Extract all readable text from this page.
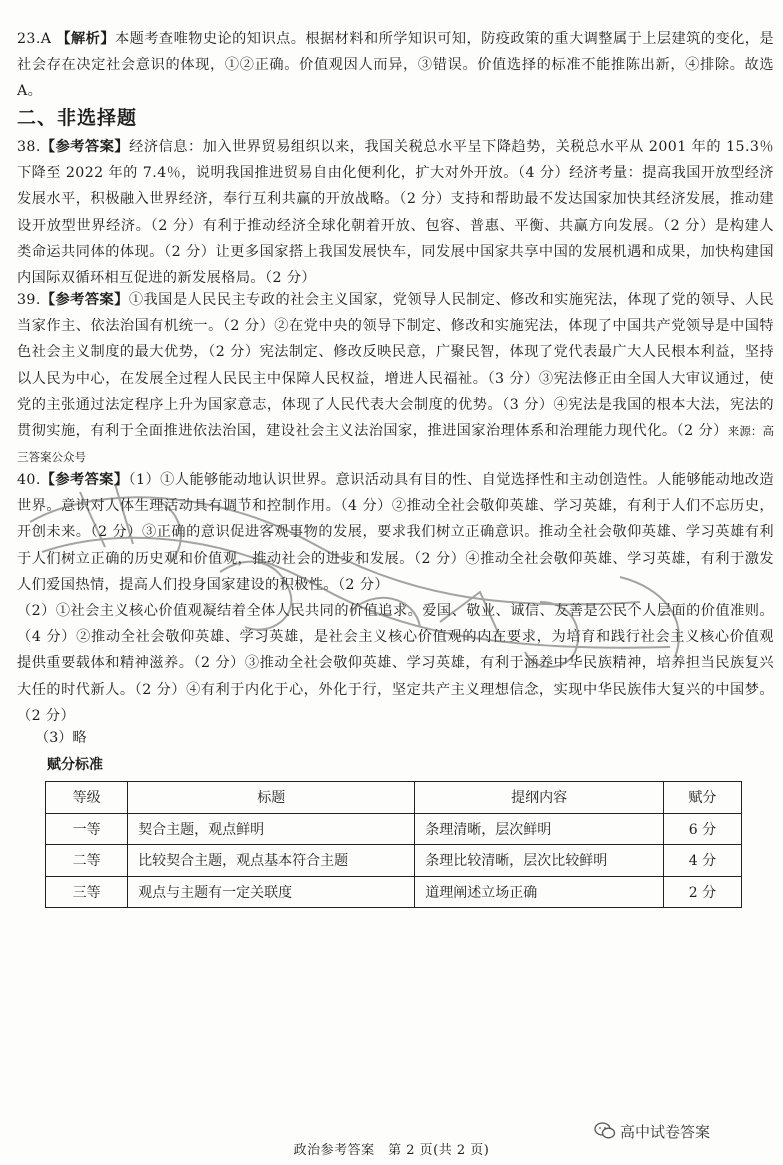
23.A 【解析】本题考查唯物史论的知识点。根据材料和所学知识可知，防疫政策的重大调整属于上层建筑的变化，是社会存在决定社会意识的体现，①②正确。价值观因人而异，③错误。价值选择的标准不能推陈出新，④排除。故选 A。

二、非选择题

38.【参考答案】经济信息：加入世界贸易组织以来，我国关税总水平呈下降趋势，关税总水平从 2001 年的 15.3％下降至 2022 年的 7.4％，说明我国推进贸易自由化便利化，扩大对外开放。（4 分）经济考量：提高我国开放型经济发展水平，积极融入世界经济，奉行互利共赢的开放战略。（2 分）支持和帮助最不发达国家加快其经济发展，推动建设开放型世界经济。（2 分）有利于推动经济全球化朝着开放、包容、普惠、平衡、共赢方向发展。（2 分）是构建人类命运共同体的体现。（2 分）让更多国家搭上我国发展快车，同发展中国家共享中国的发展机遇和成果，加快构建国内国际双循环相互促进的新发展格局。（2 分）

39.【参考答案】①我国是人民民主专政的社会主义国家，党领导人民制定、修改和实施宪法，体现了党的领导、人民当家作主、依法治国有机统一。（2 分）②在党中央的领导下制定、修改和实施宪法，体现了中国共产党领导是中国特色社会主义制度的最大优势，（2 分）宪法制定、修改反映民意，广聚民智，体现了党代表最广大人民根本利益，坚持以人民为中心，在发展全过程人民民主中保障人民权益，增进人民福祉。（3 分）③宪法修正由全国人大审议通过，使党的主张通过法定程序上升为国家意志，体现了人民代表大会制度的优势。（3 分）④宪法是我国的根本大法，宪法的贯彻实施，有利于全面推进依法治国，建设社会主义法治国家，推进国家治理体系和治理能力现代化。（2 分）来源：高三答案公众号

40.【参考答案】（1）①人能够能动地认识世界。意识活动具有目的性、自觉选择性和主动创造性。人能够能动地改造世界。意识对人体生理活动具有调节和控制作用。（4 分）②推动全社会敬仰英雄、学习英雄，有利于人们不忘历史，开创未来。（2 分）③正确的意识促进客观事物的发展，要求我们树立正确意识。推动全社会敬仰英雄、学习英雄有利于人们树立正确的历史观和价值观，推动社会的进步和发展。（2 分）④推动全社会敬仰英雄、学习英雄，有利于激发人们爱国热情，提高人们投身国家建设的积极性。（2 分）

（2）①社会主义核心价值观凝结着全体人民共同的价值追求。爱国、敬业、诚信、友善是公民个人层面的价值准则。（4 分）②推动全社会敬仰英雄、学习英雄，是社会主义核心价值观的内在要求，为培育和践行社会主义核心价值观提供重要载体和精神滋养。（2 分）③推动全社会敬仰英雄、学习英雄，有利于涵养中华民族精神，培养担当民族复兴大任的时代新人。（2 分）④有利于内化于心，外化于行，坚定共产主义理想信念，实现中华民族伟大复兴的中国梦。（2 分）

（3）略
赋分标准
等级	标题	提纲内容	赋分
一等	契合主题，观点鲜明	条理清晰，层次鲜明	6 分
二等	比较契合主题，观点基本符合主题	条理比较清晰，层次比较鲜明	4 分
三等	观点与主题有一定关联度	道理阐述立场正确	2 分
高中试卷答案
政治参考答案　第 2 页(共 2 页)
